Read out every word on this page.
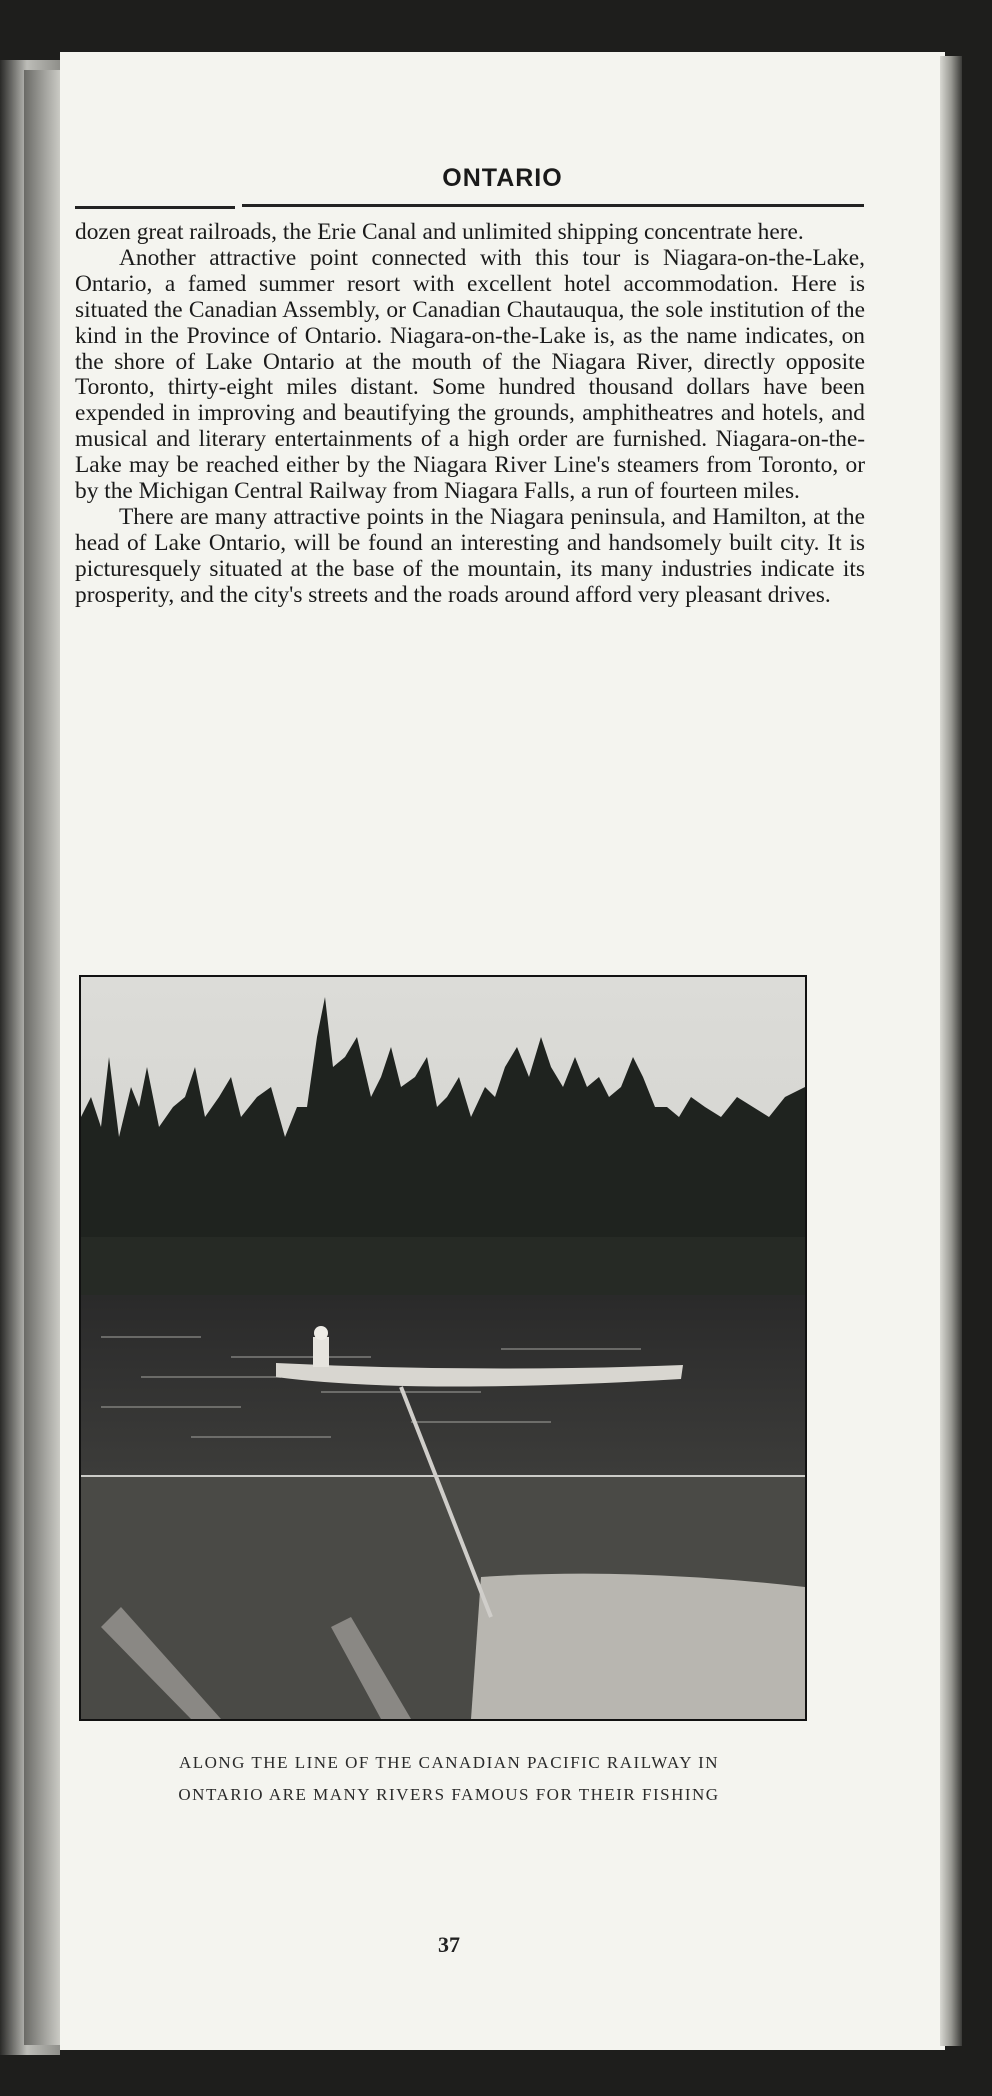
ONTARIO

dozen great railroads, the Erie Canal and unlimited shipping concentrate here.

Another attractive point connected with this tour is Niagara-on-the-Lake, Ontario, a famed summer resort with excellent hotel accommodation. Here is situated the Canadian Assembly, or Canadian Chautauqua, the sole institution of the kind in the Province of Ontario. Niagara-on-the-Lake is, as the name indicates, on the shore of Lake Ontario at the mouth of the Niagara River, directly opposite Toronto, thirty-eight miles distant. Some hundred thousand dollars have been expended in improving and beautifying the grounds, amphitheatres and hotels, and musical and literary entertainments of a high order are furnished. Niagara-on-the-Lake may be reached either by the Niagara River Line's steamers from Toronto, or by the Michigan Central Railway from Niagara Falls, a run of fourteen miles.

There are many attractive points in the Niagara peninsula, and Hamilton, at the head of Lake Ontario, will be found an interesting and handsomely built city. It is picturesquely situated at the base of the mountain, its many industries indicate its prosperity, and the city's streets and the roads around afford very pleasant drives.

ALONG THE LINE OF THE CANADIAN PACIFIC RAILWAY IN
ONTARIO ARE MANY RIVERS FAMOUS FOR THEIR FISHING
37
